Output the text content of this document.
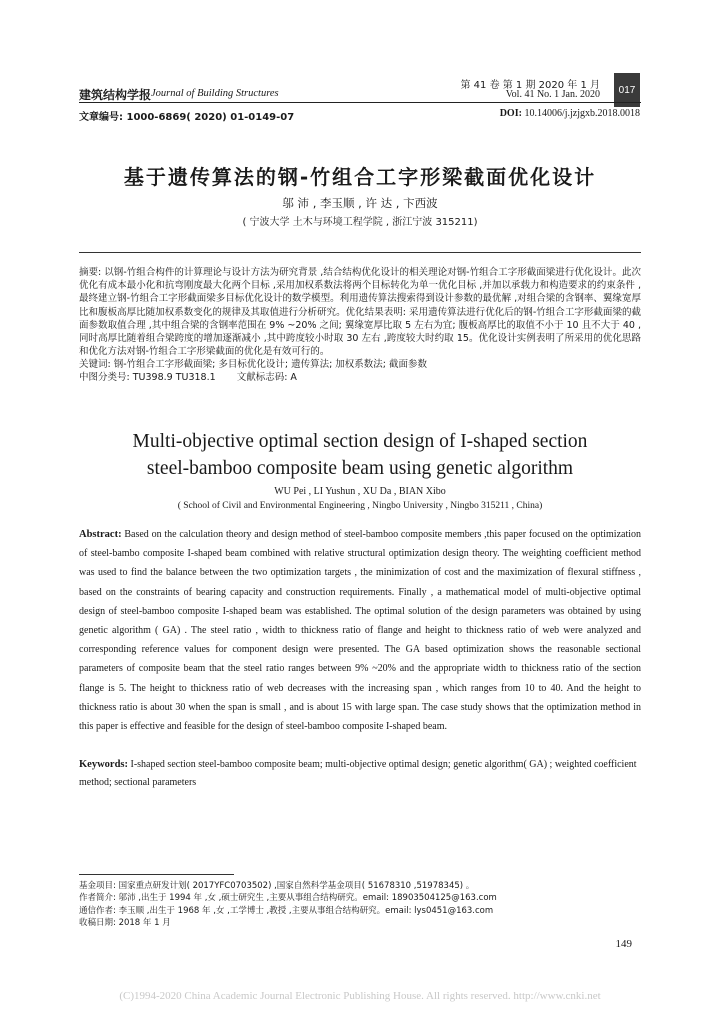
建筑结构学报 Journal of Building Structures
第 41 卷 第 1 期 2020 年 1 月
Vol. 41 No. 1 Jan. 2020	017
文章编号: 1000-6869( 2020) 01-0149-07	DOI: 10.14006/j.jzjgxb.2018.0018
基于遗传算法的钢-竹组合工字形梁截面优化设计
邬 沛 , 李玉顺 , 许 达 , 卞西波
( 宁波大学 土木与环境工程学院 , 浙江宁波 315211)
摘要: 以钢-竹组合构件的计算理论与设计方法为研究背景 ,结合结构优化设计的相关理论对钢-竹组合工字形截面梁进行优化设计。此次优化有成本最小化和抗弯刚度最大化两个目标 ,采用加权系数法将两个目标转化为单一优化目标 ,并加以承载力和构造要求的约束条件 ,最终建立钢-竹组合工字形截面梁多目标优化设计的数学模型。利用遗传算法搜索得到设计参数的最优解 ,对组合梁的含钢率、翼缘宽厚比和腹板高厚比随加权系数变化的规律及其取值进行分析研究。优化结果表明: 采用遗传算法进行优化后的钢-竹组合工字形截面梁的截面参数取值合理 ,其中组合梁的含钢率范围在 9% ~20% 之间; 翼缘宽厚比取 5 左右为宜; 腹板高厚比的取值不小于 10 且不大于 40 ,同时高厚比随着组合梁跨度的增加逐渐减小 ,其中跨度较小时取 30 左右 ,跨度较大时约取 15。优化设计实例表明了所采用的优化思路和优化方法对钢-竹组合工字形梁截面的优化是有效可行的。
关键词: 钢-竹组合工字形截面梁; 多目标优化设计; 遗传算法; 加权系数法; 截面参数
中图分类号: TU398.9 TU318.1 文献标志码: A
Multi-objective optimal section design of I-shaped section
steel-bamboo composite beam using genetic algorithm
WU Pei , LI Yushun , XU Da , BIAN Xibo
( School of Civil and Environmental Engineering , Ningbo University , Ningbo 315211 , China)
Abstract: Based on the calculation theory and design method of steel-bamboo composite members ,this paper focused on the optimization of steel-bambo composite I-shaped beam combined with relative structural optimization design theory. The weighting coefficient method was used to find the balance between the two optimization targets , the minimization of cost and the maximization of flexural stiffness , based on the constraints of bearing capacity and construction requirements. Finally , a mathematical model of multi-objective optimal design of steel-bamboo composite I-shaped beam was established. The optimal solution of the design parameters was obtained by using genetic algorithm ( GA) . The steel ratio , width to thickness ratio of flange and height to thickness ratio of web were analyzed and corresponding reference values for component design were presented. The GA based optimization shows the reasonable sectional parameters of composite beam that the steel ratio ranges between 9% ~20% and the appropriate width to thickness ratio of the section flange is 5. The height to thickness ratio of web decreases with the increasing span , which ranges from 10 to 40. And the height to thickness ratio is about 30 when the span is small , and is about 15 with large span. The case study shows that the optimization method in this paper is effective and feasible for the design of steel-bamboo composite I-shaped beam.
Keywords: I-shaped section steel-bamboo composite beam; multi-objective optimal design; genetic algorithm( GA) ; weighted coefficient method; sectional parameters
基金项目: 国家重点研发计划( 2017YFC0703502) ,国家自然科学基金项目( 51678310 ,51978345) 。
作者简介: 邬沛 ,出生于 1994 年 ,女 ,硕士研究生 ,主要从事组合结构研究。email: 18903504125@163.com
通信作者: 李玉顺 ,出生于 1968 年 ,女 ,工学博士 ,教授 ,主要从事组合结构研究。email: lys0451@163.com
收稿日期: 2018 年 1 月
149
(C)1994-2020 China Academic Journal Electronic Publishing House. All rights reserved. http://www.cnki.net
